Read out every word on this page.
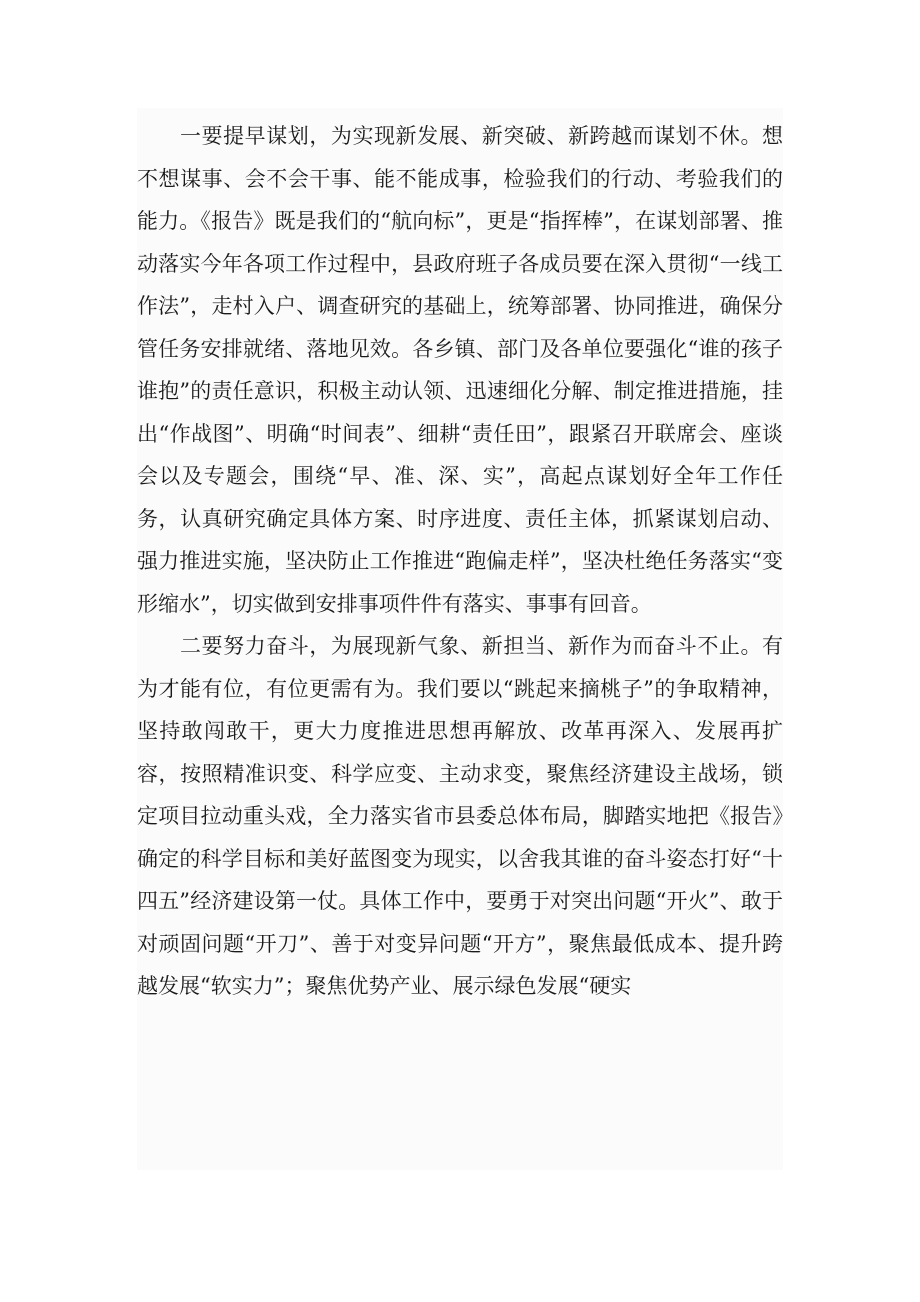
一要提早谋划，为实现新发展、新突破、新跨越而谋划不休。想不想谋事、会不会干事、能不能成事，检验我们的行动、考验我们的能力。《报告》既是我们的“航向标”，更是“指挥棒”，在谋划部署、推动落实今年各项工作过程中，县政府班子各成员要在深入贯彻“一线工作法”，走村入户、调查研究的基础上，统筹部署、协同推进，确保分管任务安排就绪、落地见效。各乡镇、部门及各单位要强化“谁的孩子谁抱”的责任意识，积极主动认领、迅速细化分解、制定推进措施，挂出“作战图”、明确“时间表”、细耕“责任田”，跟紧召开联席会、座谈会以及专题会，围绕“早、准、深、实”，高起点谋划好全年工作任务，认真研究确定具体方案、时序进度、责任主体，抓紧谋划启动、强力推进实施，坚决防止工作推进“跑偏走样”，坚决杜绝任务落实“变形缩水”，切实做到安排事项件件有落实、事事有回音。

二要努力奋斗，为展现新气象、新担当、新作为而奋斗不止。有为才能有位，有位更需有为。我们要以“跳起来摘桃子”的争取精神，坚持敢闯敢干，更大力度推进思想再解放、改革再深入、发展再扩容，按照精准识变、科学应变、主动求变，聚焦经济建设主战场，锁定项目拉动重头戏，全力落实省市县委总体布局，脚踏实地把《报告》确定的科学目标和美好蓝图变为现实，以舍我其谁的奋斗姿态打好“十四五”经济建设第一仗。具体工作中，要勇于对突出问题“开火”、敢于对顽固问题“开刀”、善于对变异问题“开方”，聚焦最低成本、提升跨越发展“软实力”；聚焦优势产业、展示绿色发展“硬实
